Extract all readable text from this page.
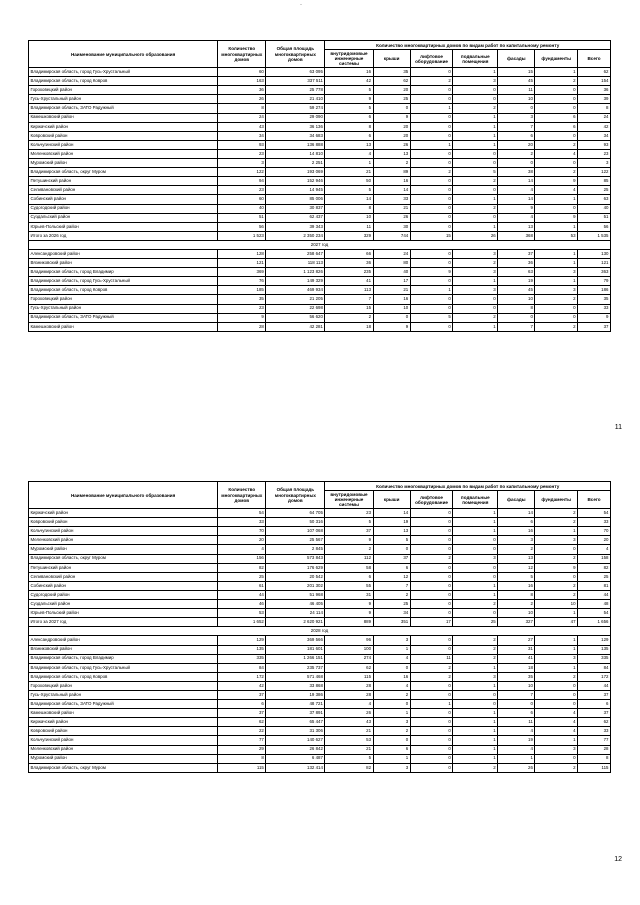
·
Наименование муниципального образования	Количество многоквартирных домов	Общая площадь многоквартирных домов	Количество многоквартирных домов по видам работ по капитальному ремонту						
			внутридомовые инженерные системы	крыши	лифтовое оборудование	подвальные помещения	фасады	фундаменты	Всего
Владимирская область, город Гусь-Хрустальный	60	63 095	16	35	0	1	15	1	62
Владимирская область, город Ковров	163	337 511	42	62	2	3	45	2	154
Гороховецкий район	36	25 778	5	20	0	0	11	0	36
Гусь-Хрустальный район	26	21 410	9	25	0	0	10	0	39
Владимирская область, ЗАТО Радужный	8	59 274	5	0	1	2	0	0	8
Камешковский район	24	29 090	6	9	0	1	3	6	24
Киржачский район	43	36 136	8	20	0	1	7	6	42
Ковровский район	34	34 683	6	20	0	1	6	0	34
Кольчугинский район	93	136 888	13	26	1	1	20	2	93
Меленковский район	23	14 810	4	13	0	0	2	4	23
Муромский район	3	2 251	1	2	0	0	0	0	3
Владимирская область, округ Муром	122	193 069	21	89	2	5	38	2	122
Петушинский район	94	152 946	50	16	0	2	14	9	85
Селивановский район	23	14 945	5	14	0	0	4	4	25
Собинский район	60	85 006	14	33	0	1	14	1	63
Судогодский район	40	30 837	8	21	0	2	9	0	40
Суздальский район	51	62 437	10	26	0	0	4	9	51
Юрьев-Польский район	56	39 343	11	30	0	1	13	1	56
Итого за 2026 год	1 523	2 350 234	329	744	15	26	368	53	1 535
2027 год									
Александровский район	128	258 647	66	24	0	3	37	1	130
Вязниковский район	121	118 113	36	80	0	2	36	1	121
Владимирская область, город Владимир	369	1 123 826	235	40	9	3	63	3	363
Владимирская область, город Гусь-Хрустальный	76	149 329	41	17	0	1	19	1	79
Владимирская область, город Ковров	185	469 934	113	21	1	3	45	3	186
Гороховецкий район	35	21 205	7	16	0	0	10	2	35
Гусь-Хрустальный район	23	22 698	15	10	0	0	8	0	33
Владимирская область, ЗАТО Радужный	9	56 620	2	0	5	2	0	0	9
Камешковский район	28	42 281	18	9	0	1	7	2	37
11
Наименование муниципального образования	Количество многоквартирных домов	Общая площадь многоквартирных домов	Количество многоквартирных домов по видам работ по капитальному ремонту						
			внутридомовые инженерные системы	крыши	лифтовое оборудование	подвальные помещения	фасады	фундаменты	Всего
Киржачский район	54	64 705	23	14	0	1	14	2	54
Ковровский район	33	50 316	5	19	0	1	6	2	33
Кольчугинский район	70	107 068	37	13	0	1	16	1	70
Меленковский район	20	25 567	9	5	0	0	3	3	20
Муромский район	4	2 845	2	0	0	0	2	0	4
Владимирская область, округ Муром	156	573 843	112	37	2	3	13	2	158
Петушинский район	82	176 629	58	6	0	0	12	9	82
Селивановский район	25	20 542	6	12	0	0	5	0	25
Собинский район	61	201 302	55	7	0	1	16	2	81
Судогодский район	44	51 968	31	2	0	1	8	2	44
Суздальский район	46	46 405	9	25	0	2	2	10	48
Юрьев-Польский район	53	24 114	9	34	0	0	10	1	54
Итого за 2027 год	1 652	2 620 921	889	351	17	25	327	47	1 656
2028 год									
Александровский район	129	369 566	96	3	0	2	27	1	129
Вязниковский район	135	181 601	100	1	0	2	31	1	135
Владимирская область, город Владимир	335	1 266 151	274	4	11	2	41	3	335
Владимирская область, город Гусь-Хрустальный	84	235 737	62	0	2	1	18	1	84
Владимирская область, город Ковров	172	571 468	115	16	2	3	35	2	172
Гороховецкий район	42	33 868	28	4	0	1	10	0	44
Гусь-Хрустальный район	37	19 386	28	2	0	0	7	0	37
Владимирская область, ЗАТО Радужный	6	48 721	4	0	1	0	0	0	6
Камешковский район	37	37 891	26	1	0	1	6	4	37
Киржачский район	62	65 447	43	3	0	1	11	4	62
Ковровский район	22	31 306	21	2	0	1	4	4	33
Кольчугинский район	77	140 627	53	0	0	1	19	1	77
Меленковский район	29	26 842	21	6	0	1	4	3	28
Муромский район	8	6 487	5	1	0	1	1	0	8
Владимирская область, округ Муром	115	132 414	82	3	0	2	26	2	115
12
